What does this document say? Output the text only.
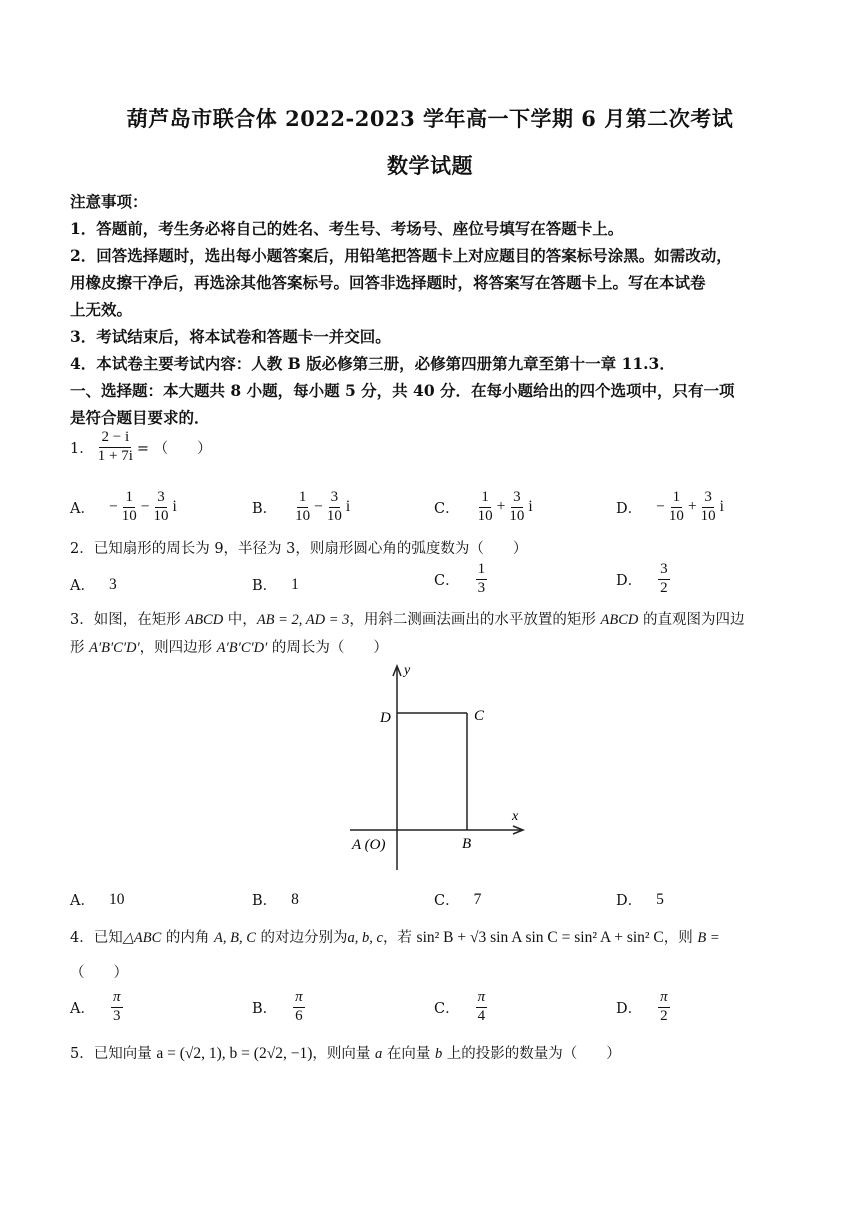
葫芦岛市联合体 2022-2023 学年高一下学期 6 月第二次考试
数学试题
注意事项：
1．答题前，考生务必将自己的姓名、考生号、考场号、座位号填写在答题卡上。
2．回答选择题时，选出每小题答案后，用铅笔把答题卡上对应题目的答案标号涂黑。如需改动，
用橡皮擦干净后，再选涂其他答案标号。回答非选择题时，将答案写在答题卡上。写在本试卷
上无效。
3．考试结束后，将本试卷和答题卡一并交回。
4．本试卷主要考试内容：人教 B 版必修第三册，必修第四册第九章至第十一章 11.3．
一、选择题：本大题共 8 小题，每小题 5 分，共 40 分．在每小题给出的四个选项中，只有一项
是符合题目要求的．
1． $\frac{2 - i}{1 + 7i}$ = （　　）
A． − $\frac{1}{10} - \frac{3}{10}$ i	B． $\frac{1}{10} - \frac{3}{10}$ i	C． $\frac{1}{10} + \frac{3}{10}$ i	D． − $\frac{1}{10} + \frac{3}{10}$ i
2．已知扇形的周长为 9，半径为 3，则扇形圆心角的弧度数为（　　）
A． 3	B． 1	C． $\frac{1}{3}$	D． $\frac{3}{2}$
3．如图，在矩形 ABCD 中，AB = 2, AD = 3，用斜二测画法画出的水平放置的矩形 ABCD 的直观图为四边
形 A′B′C′D′，则四边形 A′B′C′D′ 的周长为（　　）
y
x
D	C
B
A (O)
A． 10	B． 8	C． 7	D． 5
4．已知△ABC 的内角 A, B, C 的对边分别为a, b, c，若 sin² B + √3 sin A sin C = sin² A + sin² C，则 B =
（　　）
A． $\frac{\pi}{3}$	B． $\frac{\pi}{6}$	C． $\frac{\pi}{4}$	D． $\frac{\pi}{2}$
5．已知向量 a = (√2, 1), b = (2√2, −1)，则向量 a 在向量 b 上的投影的数量为（　　）
